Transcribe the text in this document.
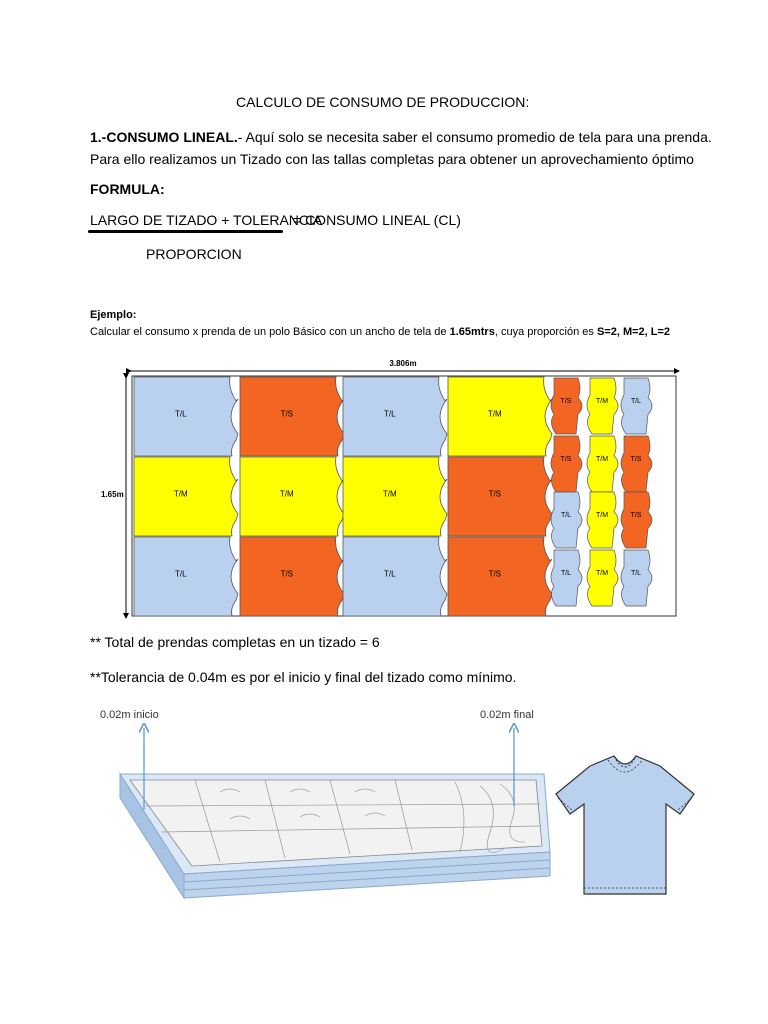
CALCULO DE CONSUMO DE PRODUCCION:
1.-CONSUMO LINEAL.- Aquí solo se necesita saber el consumo promedio de tela para una prenda. Para ello realizamos un Tizado con las tallas completas para obtener un aprovechamiento óptimo
FORMULA:
LARGO DE TIZADO + TOLERANCIA
= CONSUMO LINEAL (CL)
PROPORCION
Ejemplo:
Calcular el consumo x prenda de un polo Básico con un ancho de tela de 1.65mtrs, cuya proporción es S=2, M=2, L=2
3.806m
1.65m
T/L	T/S	T/L	T/M
T/M	T/M	T/M	T/S
T/L	T/S	T/L	T/S
T/S	T/M	T/L
T/S	T/M	T/S
T/L	T/M	T/S
T/L	T/M	T/L
** Total de prendas completas en un tizado = 6
**Tolerancia de 0.04m es por el inicio y final del tizado como mínimo.
0.02m inicio	0.02m final
